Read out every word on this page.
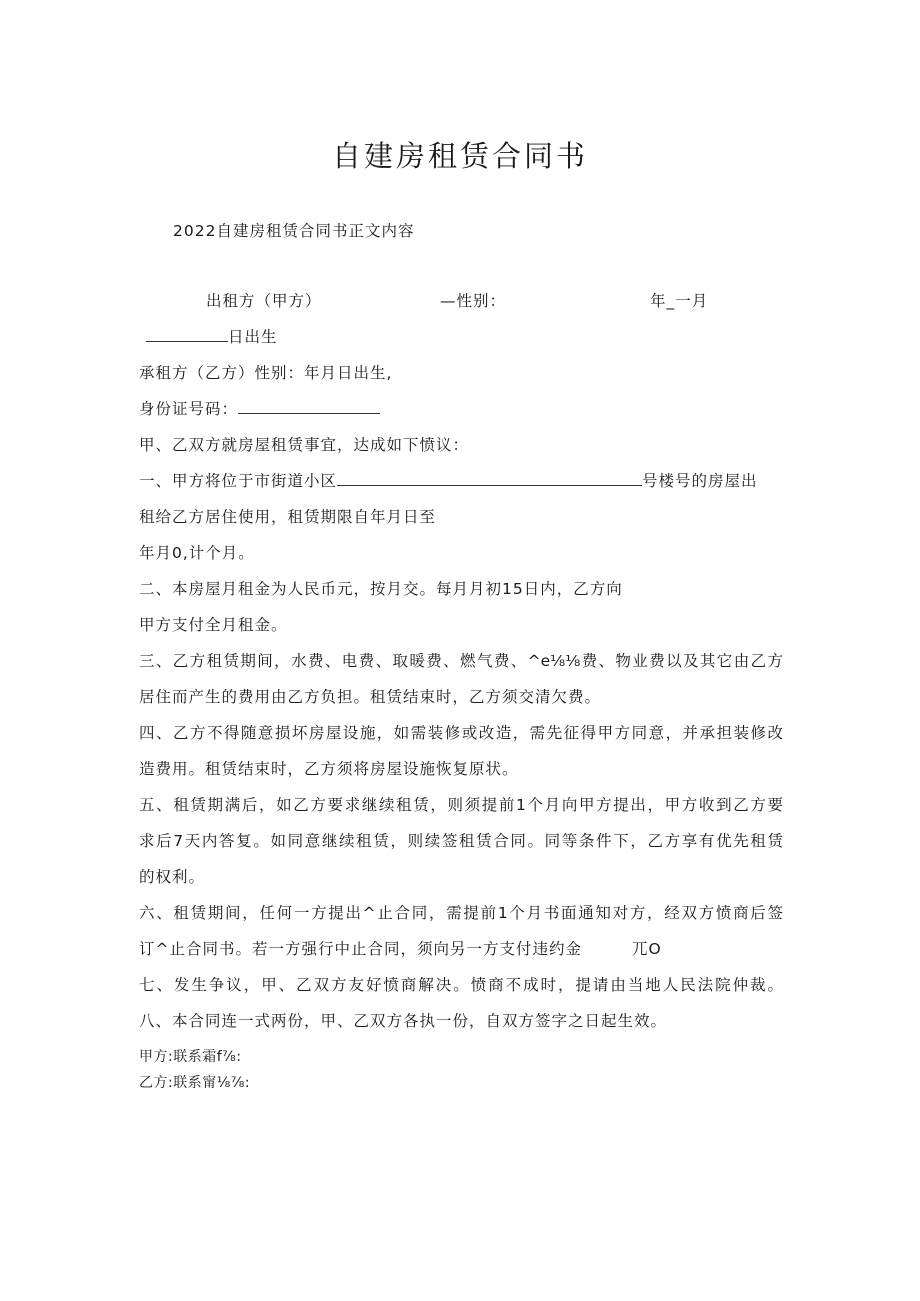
自建房租赁合同书
2022自建房租赁合同书正文内容
出租方（甲方）	—性别：	年_一月
日出生
承租方（乙方）性别：年月日出生,
身份证号码：
甲、乙双方就房屋租赁事宜，达成如下愤议：
一、甲方将位于市街道小区	号楼号的房屋出
租给乙方居住使用，租赁期限自年月日至
年月0,计个月。
二、本房屋月租金为人民币元，按月交。每月月初15日内，乙方向
甲方支付全月租金。
三、乙方租赁期间，水费、电费、取暖费、燃气费、^e⅛⅛费、物业费以及其它由乙方
居住而产生的费用由乙方负担。租赁结束时，乙方须交清欠费。
四、乙方不得随意损坏房屋设施，如需装修或改造，需先征得甲方同意，并承担装修改
造费用。租赁结束时，乙方须将房屋设施恢复原状。
五、租赁期满后，如乙方要求继续租赁，则须提前1个月向甲方提出，甲方收到乙方要
求后7天内答复。如同意继续租赁，则续签租赁合同。同等条件下，乙方享有优先租赁
的权利。
六、租赁期间，任何一方提出^止合同，需提前1个月书面通知对方，经双方愤商后签
订^止合同书。若一方强行中止合同，须向另一方支付违约金	兀O
七、发生争议，甲、乙双方友好愤商解决。愤商不成时，提请由当地人民法院仲裁。
八、本合同连一式两份，甲、乙双方各执一份，自双方签字之日起生效。
甲方:联系霜f⅞:
乙方:联系甯⅛⅞:
